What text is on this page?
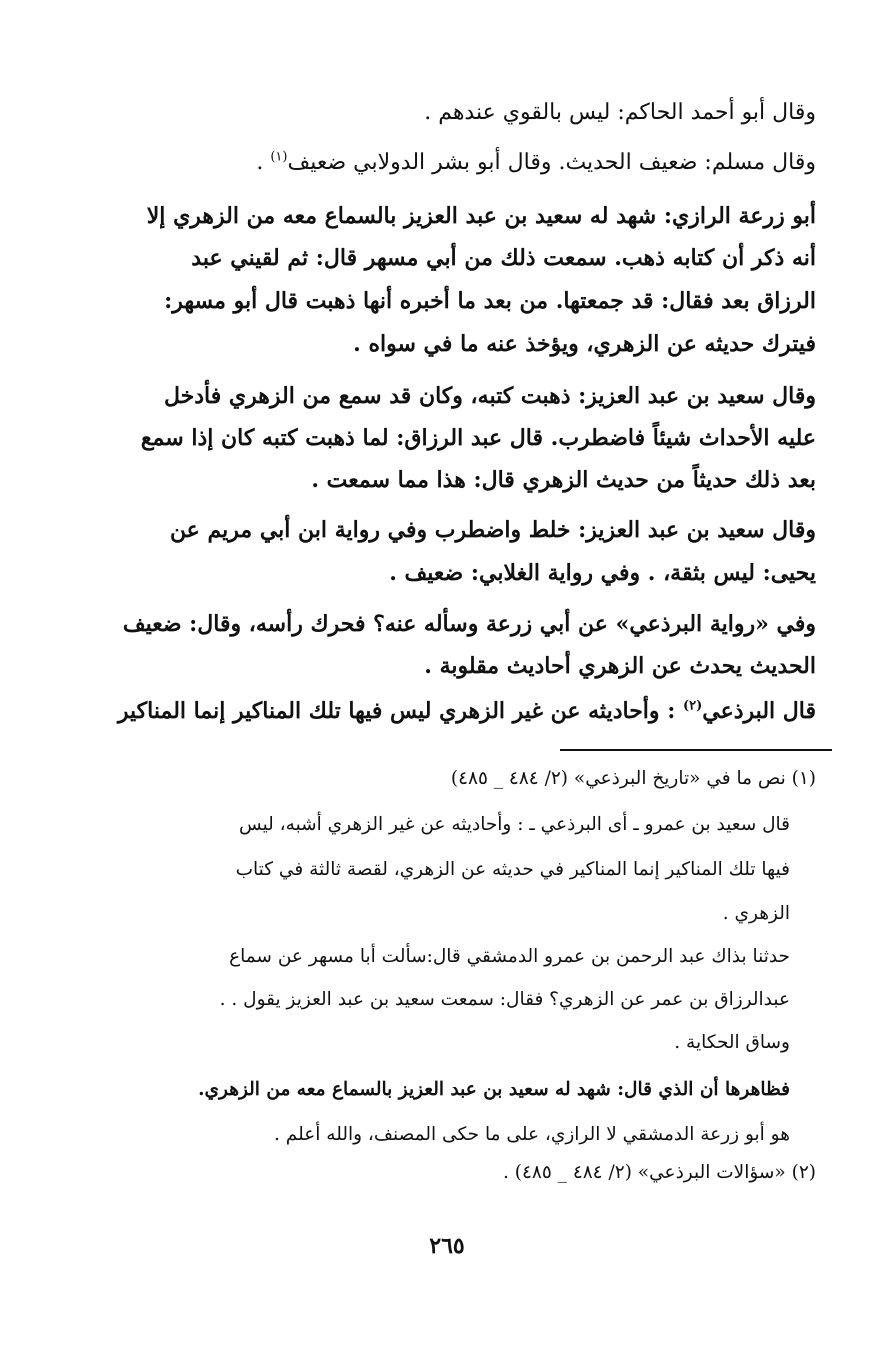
وقال أبو أحمد الحاكم: ليس بالقوي عندهم .
وقال مسلم: ضعيف الحديث. وقال أبو بشر الدولابي ضعيف$^{(١)}$ .
أبو زرعة الرازي: شهد له سعيد بن عبد العزيز بالسماع معه من الزهري إلا
أنه ذكر أن كتابه ذهب. سمعت ذلك من أبي مسهر قال: ثم لقيني عبد
الرزاق بعد فقال: قد جمعتها. من بعد ما أخبره أنها ذهبت قال أبو مسهر:
فيترك حديثه عن الزهري، ويؤخذ عنه ما في سواه .
وقال سعيد بن عبد العزيز: ذهبت كتبه، وكان قد سمع من الزهري فأدخل
عليه الأحداث شيئاً فاضطرب. قال عبد الرزاق: لما ذهبت كتبه كان إذا سمع
بعد ذلك حديثاً من حديث الزهري قال: هذا مما سمعت .
وقال سعيد بن عبد العزيز: خلط واضطرب وفي رواية ابن أبي مريم عن
يحيى: ليس بثقة، . وفي رواية الغلابي: ضعيف .
وفي «رواية البرذعي» عن أبي زرعة وسأله عنه؟ فحرك رأسه، وقال: ضعيف
الحديث يحدث عن الزهري أحاديث مقلوبة .
قال البرذعي$^{(٢)}$ : وأحاديثه عن غير الزهري ليس فيها تلك المناكير إنما المناكير
(١) نص ما في «تاريخ البرذعي» (٢/ ٤٨٤ _ ٤٨٥)
قال سعيد بن عمرو ـ أى البرذعي ـ : وأحاديثه عن غير الزهري أشبه، ليس
فيها تلك المناكير إنما المناكير في حديثه عن الزهري، لقصة ثالثة في كتاب
الزهري .
حدثنا بذاك عبد الرحمن بن عمرو الدمشقي قال:سألت أبا مسهر عن سماع
عبدالرزاق بن عمر عن الزهري؟ فقال: سمعت سعيد بن عبد العزيز يقول . .
وساق الحكاية .
فظاهرها أن الذي قال: شهد له سعيد بن عبد العزيز بالسماع معه من الزهري.
هو أبو زرعة الدمشقي لا الرازي، على ما حكى المصنف، والله أعلم .
(٢) «سؤالات البرذعي» (٢/ ٤٨٤ _ ٤٨٥) .
٢٦٥
